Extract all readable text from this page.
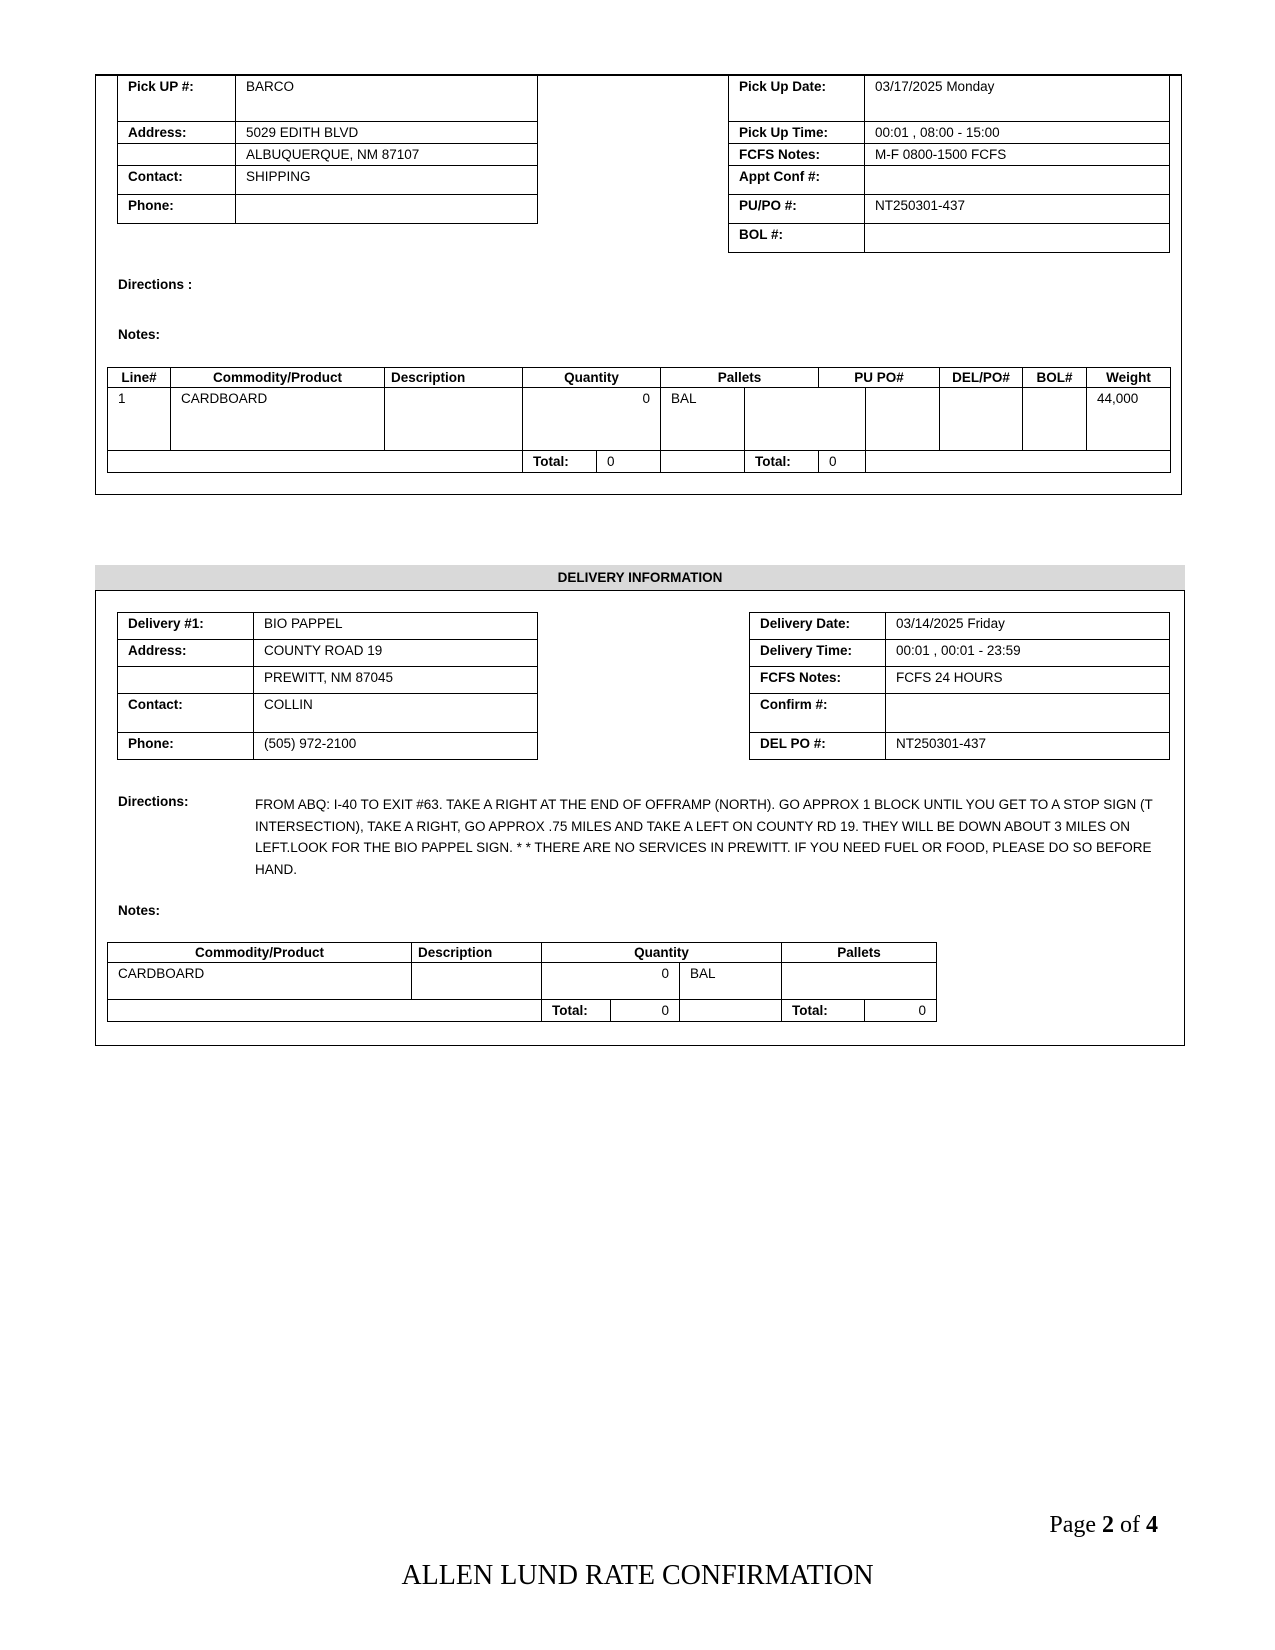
Pick UP #:	BARCO
Address:	5029 EDITH BLVD
	ALBUQUERQUE, NM 87107
Contact:	SHIPPING
Phone:	
Pick Up Date:	03/17/2025 Monday
Pick Up Time:	00:01 , 08:00 - 15:00
FCFS Notes:	M-F 0800-1500 FCFS
Appt Conf #:	
PU/PO #:	NT250301-437
BOL #:	
Directions :
Notes:
Line#	Commodity/Product	Description	Quantity		Pallets		PU PO#		DEL/PO#	BOL#	Weight
1	CARDBOARD		0		BAL						44,000
			Total:	0		Total:	0				
DELIVERY INFORMATION
Delivery #1:	BIO PAPPEL
Address:	COUNTY ROAD 19
	PREWITT, NM 87045
Contact:	COLLIN
Phone:	(505) 972-2100
Delivery Date:	03/14/2025 Friday
Delivery Time:	00:01 , 00:01 - 23:59
FCFS Notes:	FCFS 24 HOURS
Confirm #:	
DEL PO #:	NT250301-437
Directions:	FROM ABQ: I-40 TO EXIT #63. TAKE A RIGHT AT THE END OF OFFRAMP (NORTH). GO APPROX 1 BLOCK UNTIL YOU GET TO A STOP SIGN (T INTERSECTION), TAKE A RIGHT, GO APPROX .75 MILES AND TAKE A LEFT ON COUNTY RD 19. THEY WILL BE DOWN ABOUT 3 MILES ON LEFT.LOOK FOR THE BIO PAPPEL SIGN. * * THERE ARE NO SERVICES IN PREWITT. IF YOU NEED FUEL OR FOOD, PLEASE DO SO BEFORE HAND.
Notes:
Commodity/Product	Description	Quantity			Pallets	
CARDBOARD		0		BAL		
		Total:	0		Total:	0
Page 2 of 4
ALLEN LUND RATE CONFIRMATION
